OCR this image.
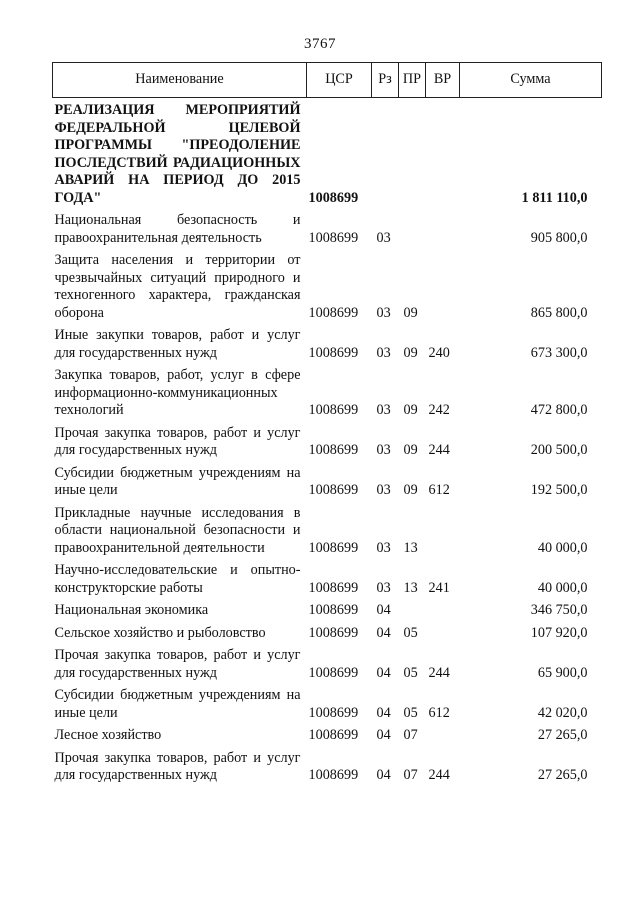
3767
Наименование	ЦСР	Рз	ПР	ВР	Сумма
РЕАЛИЗАЦИЯ МЕРОПРИЯТИЙ ФЕДЕРАЛЬНОЙ ЦЕЛЕВОЙ ПРОГРАММЫ "ПРЕОДОЛЕНИЕ ПОСЛЕДСТВИЙ РАДИАЦИОННЫХ АВАРИЙ НА ПЕРИОД ДО 2015 ГОДА"	1008699				1 811 110,0
Национальная безопасность и правоохранительная деятельность	1008699	03			905 800,0
Защита населения и территории от чрезвычайных ситуаций природного и техногенного характера, гражданская оборона	1008699	03	09		865 800,0
Иные закупки товаров, работ и услуг для государственных нужд	1008699	03	09	240	673 300,0
Закупка товаров, работ, услуг в сфере информационно-коммуникационных технологий	1008699	03	09	242	472 800,0
Прочая закупка товаров, работ и услуг для государственных нужд	1008699	03	09	244	200 500,0
Субсидии бюджетным учреждениям на иные цели	1008699	03	09	612	192 500,0
Прикладные научные исследования в области национальной безопасности и правоохранительной деятельности	1008699	03	13		40 000,0
Научно-исследовательские и опытно-конструкторские работы	1008699	03	13	241	40 000,0
Национальная экономика	1008699	04			346 750,0
Сельское хозяйство и рыболовство	1008699	04	05		107 920,0
Прочая закупка товаров, работ и услуг для государственных нужд	1008699	04	05	244	65 900,0
Субсидии бюджетным учреждениям на иные цели	1008699	04	05	612	42 020,0
Лесное хозяйство	1008699	04	07		27 265,0
Прочая закупка товаров, работ и услуг для государственных нужд	1008699	04	07	244	27 265,0
